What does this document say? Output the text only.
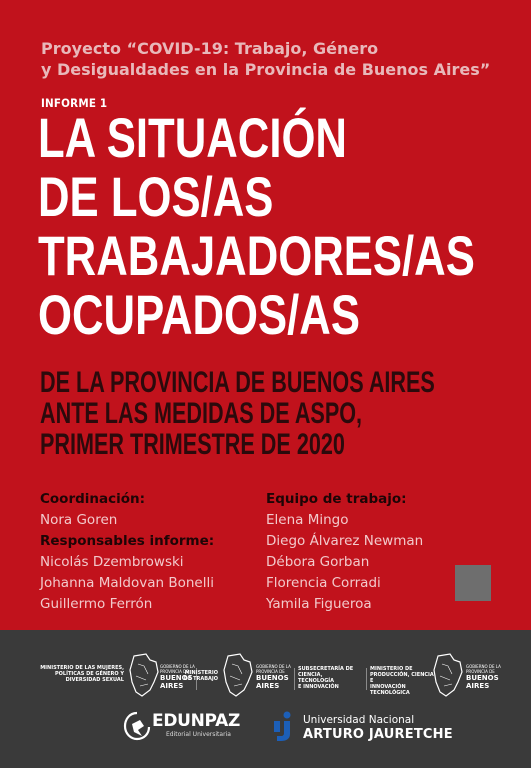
Proyecto “COVID-19: Trabajo, Género
y Desigualdades en la Provincia de Buenos Aires”
INFORME 1
LA SITUACIÓN
DE LOS/AS
TRABAJADORES/AS
OCUPADOS/AS
DE LA PROVINCIA DE BUENOS AIRES
ANTE LAS MEDIDAS DE ASPO,
PRIMER TRIMESTRE DE 2020
Coordinación:
Nora Goren
Responsables informe:
Nicolás Dzembrowski
Johanna Maldovan Bonelli
Guillermo Ferrón
Equipo de trabajo:
Elena Mingo
Diego Álvarez Newman
Débora Gorban
Florencia Corradi
Yamila Figueroa
MINISTERIO DE LAS MUJERES,
POLÍTICAS DE GÉNERO Y
DIVERSIDAD SEXUAL
GOBIERNO DE LA
PROVINCIA DE
BUENOS
AIRES
MINISTERIO
DE TRABAJO
GOBIERNO DE LA
PROVINCIA DE
BUENOS
AIRES
SUBSECRETARÍA DE
CIENCIA, TECNOLOGÍA
E INNOVACIÓN
MINISTERIO DE
PRODUCCIÓN, CIENCIA E
INNOVACIÓN TECNOLÓGICA
GOBIERNO DE LA
PROVINCIA DE
BUENOS
AIRES
EDUNPAZ
Editorial Universitaria
Universidad Nacional
ARTURO JAURETCHE
